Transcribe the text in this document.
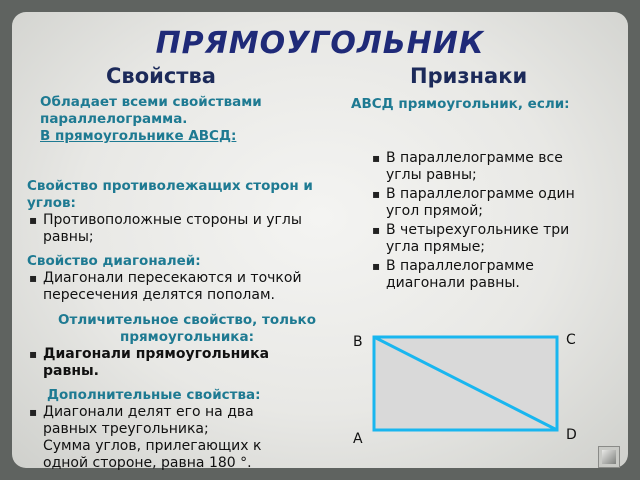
ПРЯМОУГОЛЬНИК
Свойства	Признаки
Обладает всеми свойствами параллелограмма.
В прямоугольнике АВСД:
АВСД прямоугольник, если:
Свойство противолежащих сторон и углов:
▪ Противоположные стороны и углы равны;
Свойство диагоналей:
▪ Диагонали пересекаются и точкой пересечения делятся пополам.
Отличительное свойство, только прямоугольника:
▪ Диагонали прямоугольника равны.
Дополнительные свойства:
▪ Диагонали делят его на два равных треугольника;
Сумма углов, прилегающих к одной стороне, равна 180 °.
▪ В параллелограмме все углы равны;
▪ В параллелограмме один угол прямой;
▪ В четырехугольнике три угла прямые;
▪ В параллелограмме диагонали равны.
B	C
D
A
